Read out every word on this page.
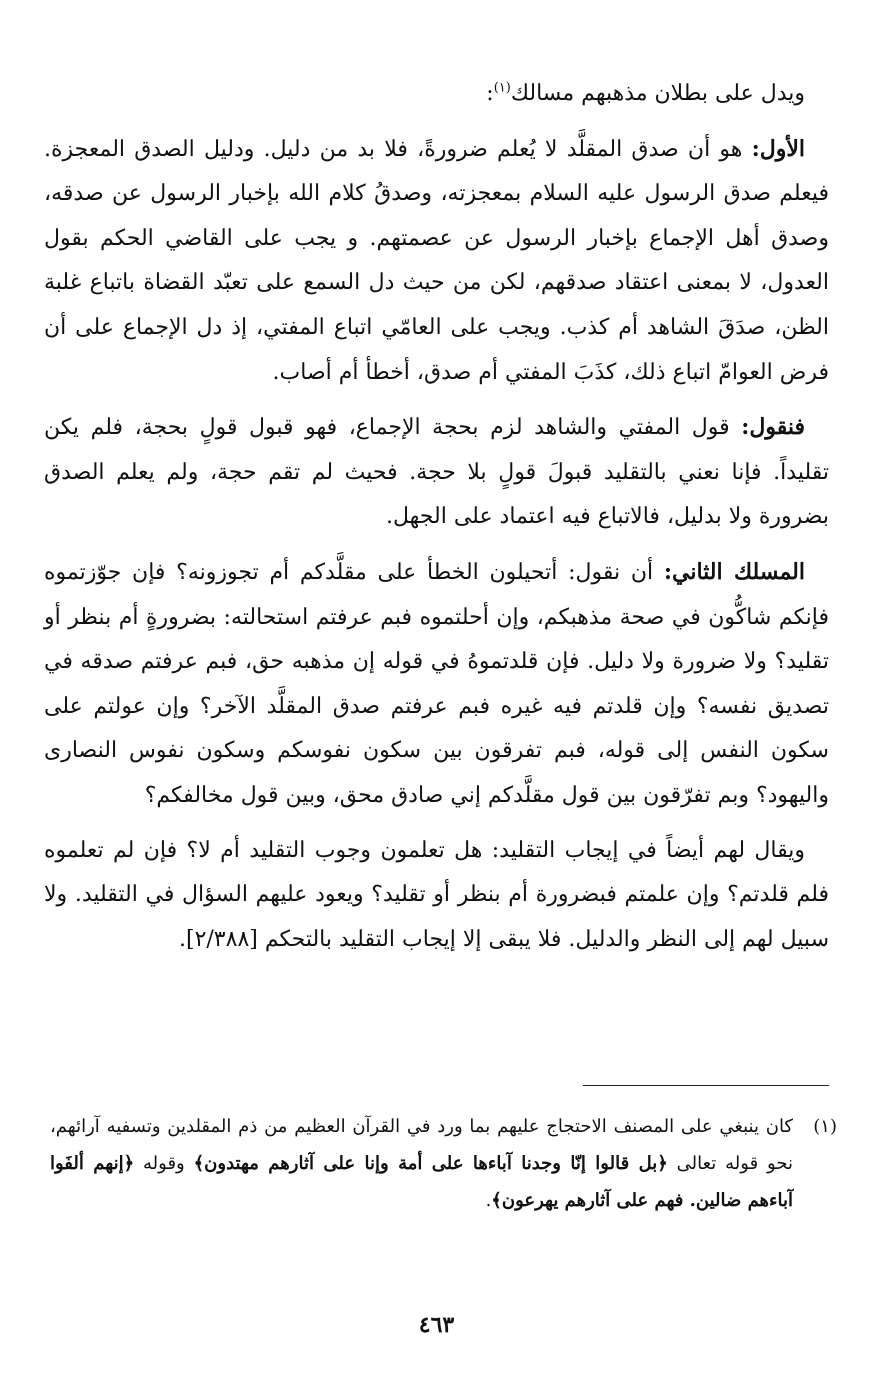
ويدل على بطلان مذهبهم مسالك$^{(١)}$:

الأول: هو أن صدق المقلَّد لا يُعلم ضرورةً، فلا بد من دليل. ودليل الصدق المعجزة. فيعلم صدق الرسول عليه السلام بمعجزته، وصدقُ كلام الله بإخبار الرسول عن صدقه، وصدق أهل الإجماع بإخبار الرسول عن عصمتهم. و يجب على القاضي الحكم بقول العدول، لا بمعنى اعتقاد صدقهم، لكن من حيث دل السمع على تعبّد القضاة باتباع غلبة الظن، صدَقَ الشاهد أم كذب. ويجب على العامّي اتباع المفتي، إذ دل الإجماع على أن فرض العوامّ اتباع ذلك، كذَبَ المفتي أم صدق، أخطأ أم أصاب.

فنقول: قول المفتي والشاهد لزم بحجة الإجماع، فهو قبول قولٍ بحجة، فلم يكن تقليداً. فإنا نعني بالتقليد قبولَ قولٍ بلا حجة. فحيث لم تقم حجة، ولم يعلم الصدق بضرورة ولا بدليل، فالاتباع فيه اعتماد على الجهل.

المسلك الثاني: أن نقول: أتحيلون الخطأ على مقلَّدكم أم تجوزونه؟ فإن جوّزتموه فإنكم شاكُّون في صحة مذهبكم، وإن أحلتموه فبم عرفتم استحالته: بضرورةٍ أم بنظر أو تقليد؟ ولا ضرورة ولا دليل. فإن قلدتموهُ في قوله إن مذهبه حق، فبم عرفتم صدقه في تصديق نفسه؟ وإن قلدتم فيه غيره فبم عرفتم صدق المقلَّد الآخر؟ وإن عولتم على سكون النفس إلى قوله، فبم تفرقون بين سكون نفوسكم وسكون نفوس النصارى واليهود؟ وبم تفرّقون بين قول مقلَّدكم إني صادق محق، وبين قول مخالفكم؟

ويقال لهم أيضاً في إيجاب التقليد: هل تعلمون وجوب التقليد أم لا؟ فإن لم تعلموه فلم قلدتم؟ وإن علمتم فبضرورة أم بنظر أو تقليد؟ ويعود عليهم السؤال في التقليد. ولا سبيل لهم إلى النظر والدليل. فلا يبقى إلا إيجاب التقليد بالتحكم [٢/٣٨٨].

(١)
كان ينبغي على المصنف الاحتجاج عليهم بما ورد في القرآن العظيم من ذم المقلدين وتسفيه آرائهم، نحو قوله تعالى ﴿بل قالوا إنّا وجدنا آباءها على أمة وإنا على آثارهم مهتدون﴾ وقوله ﴿إنهم ألفَوا آباءهم ضالين. فهم على آثارهم يهرعون﴾.
٤٦٣
